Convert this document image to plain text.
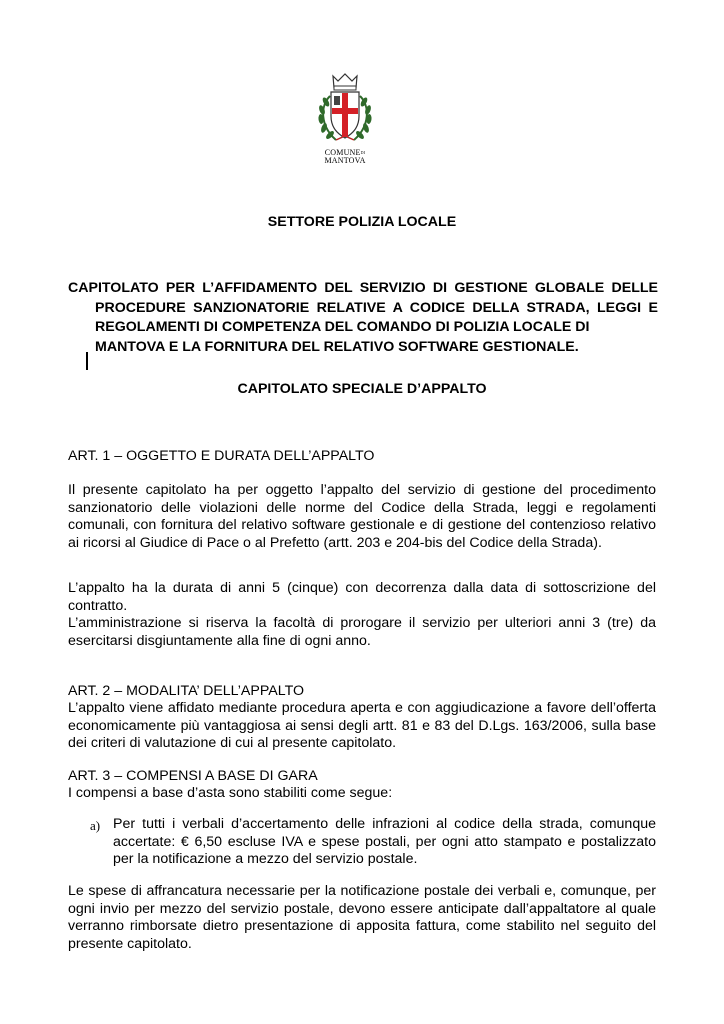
$COMUNE^{DI}$
MANTOVA
SETTORE POLIZIA LOCALE
CAPITOLATO PER L’AFFIDAMENTO DEL SERVIZIO DI GESTIONE GLOBALE DELLE
PROCEDURE SANZIONATORIE RELATIVE A CODICE DELLA STRADA, LEGGI E REGOLAMENTI DI COMPETENZA DEL COMANDO DI POLIZIA LOCALE DI
MANTOVA E LA FORNITURA DEL RELATIVO SOFTWARE GESTIONALE.
CAPITOLATO SPECIALE D’APPALTO
ART. 1 – OGGETTO E DURATA DELL’APPALTO
Il presente capitolato ha per oggetto l’appalto del servizio di gestione del procedimento sanzionatorio delle violazioni delle norme del Codice della Strada, leggi e regolamenti comunali, con fornitura del relativo software gestionale e di gestione del contenzioso relativo ai ricorsi al Giudice di Pace o al Prefetto (artt. 203 e 204-bis del Codice della Strada).
L’appalto ha la durata di anni 5 (cinque) con decorrenza dalla data di sottoscrizione del contratto.
L’amministrazione si riserva la facoltà di prorogare il servizio per ulteriori anni 3 (tre) da esercitarsi disgiuntamente alla fine di ogni anno.
ART. 2 – MODALITA’ DELL’APPALTO
L’appalto viene affidato mediante procedura aperta e con aggiudicazione a favore dell’offerta economicamente più vantaggiosa ai sensi degli artt. 81 e 83 del D.Lgs. 163/2006, sulla base dei criteri di valutazione di cui al presente capitolato.
ART. 3 – COMPENSI A BASE DI GARA
I compensi a base d’asta sono stabiliti come segue:
a) Per tutti i verbali d’accertamento delle infrazioni al codice della strada, comunque accertate: € 6,50 escluse IVA e spese postali, per ogni atto stampato e postalizzato per la notificazione a mezzo del servizio postale.
Le spese di affrancatura necessarie per la notificazione postale dei verbali e, comunque, per ogni invio per mezzo del servizio postale, devono essere anticipate dall’appaltatore al quale verranno rimborsate dietro presentazione di apposita fattura, come stabilito nel seguito del presente capitolato.
